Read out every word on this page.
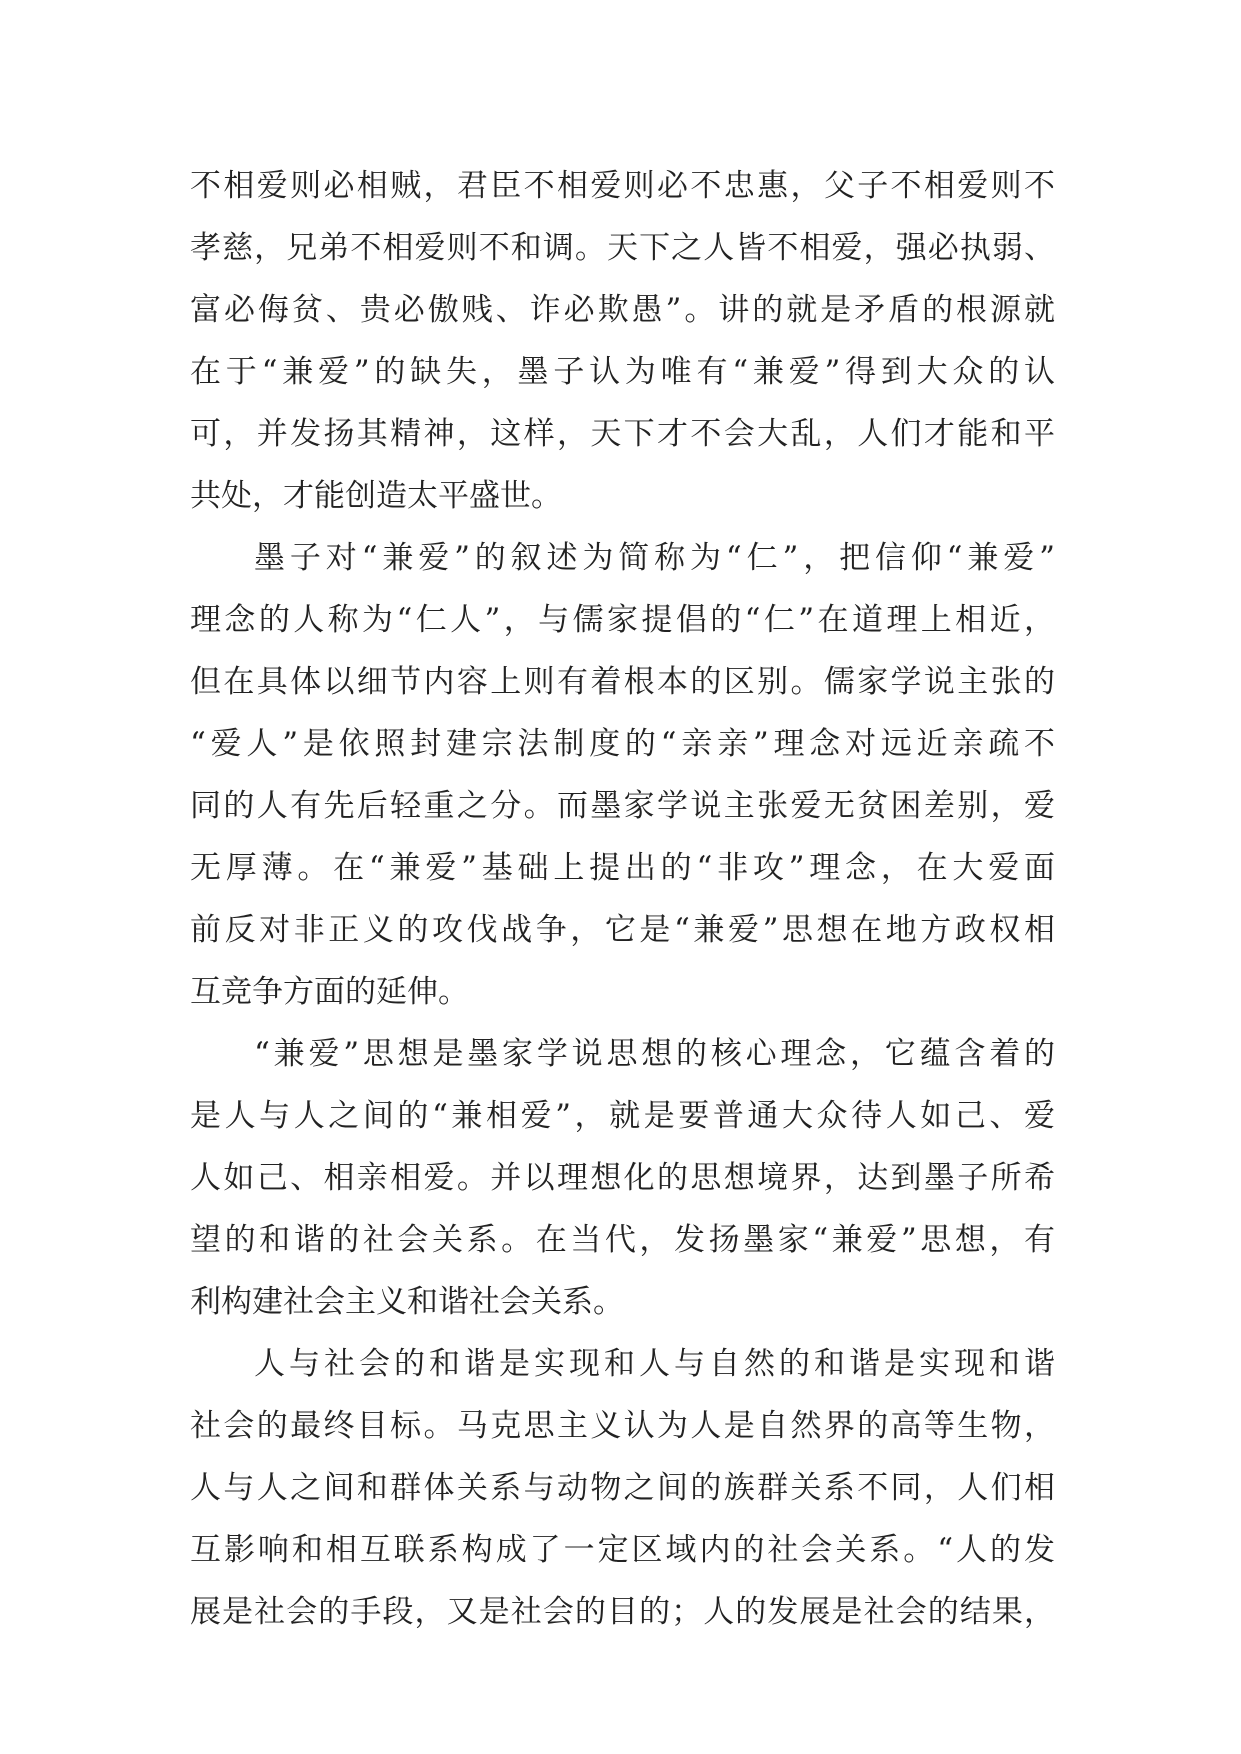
不相爱则必相贼，君臣不相爱则必不忠惠，父子不相爱则不
孝慈，兄弟不相爱则不和调。天下之人皆不相爱，强必执弱、
富必侮贫、贵必傲贱、诈必欺愚”。讲的就是矛盾的根源就
在于“兼爱”的缺失，墨子认为唯有“兼爱”得到大众的认
可，并发扬其精神，这样，天下才不会大乱，人们才能和平
共处，才能创造太平盛世。
墨子对“兼爱”的叙述为简称为“仁”，把信仰“兼爱”
理念的人称为“仁人”，与儒家提倡的“仁”在道理上相近，
但在具体以细节内容上则有着根本的区别。儒家学说主张的
“爱人”是依照封建宗法制度的“亲亲”理念对远近亲疏不
同的人有先后轻重之分。而墨家学说主张爱无贫困差别，爱
无厚薄。在“兼爱”基础上提出的“非攻”理念，在大爱面
前反对非正义的攻伐战争，它是“兼爱”思想在地方政权相
互竞争方面的延伸。
“兼爱”思想是墨家学说思想的核心理念，它蕴含着的
是人与人之间的“兼相爱”，就是要普通大众待人如己、爱
人如己、相亲相爱。并以理想化的思想境界，达到墨子所希
望的和谐的社会关系。在当代，发扬墨家“兼爱”思想，有
利构建社会主义和谐社会关系。
人与社会的和谐是实现和人与自然的和谐是实现和谐
社会的最终目标。马克思主义认为人是自然界的高等生物，
人与人之间和群体关系与动物之间的族群关系不同，人们相
互影响和相互联系构成了一定区域内的社会关系。“人的发
展是社会的手段，又是社会的目的；人的发展是社会的结果，
